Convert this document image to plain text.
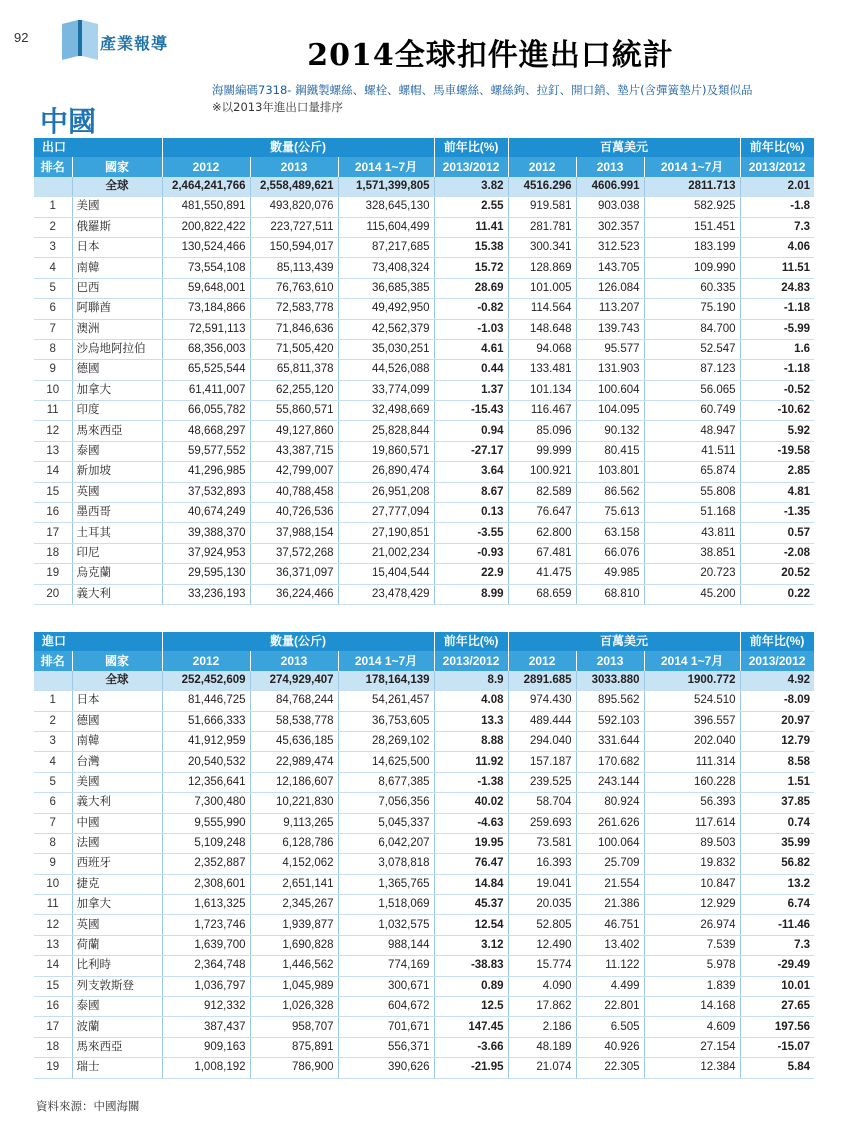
92	產業報導	2014全球扣件進出口統計
海關編碼7318- 鋼鐵製螺絲、螺栓、螺帽、馬車螺絲、螺絲鉤、拉釘、開口銷、墊片(含彈簧墊片)及類似品
※以2013年進出口量排序
中國
出口		數量(公斤)			前年比(%)	百萬美元			前年比(%)
排名	國家	2012	2013	2014 1~7月	2013/2012	2012	2013	2014 1~7月	2013/2012
	全球	2,464,241,766	2,558,489,621	1,571,399,805	3.82	4516.296	4606.991	2811.713	2.01
1	美國	481,550,891	493,820,076	328,645,130	2.55	919.581	903.038	582.925	-1.8
2	俄羅斯	200,822,422	223,727,511	115,604,499	11.41	281.781	302.357	151.451	7.3
3	日本	130,524,466	150,594,017	87,217,685	15.38	300.341	312.523	183.199	4.06
4	南韓	73,554,108	85,113,439	73,408,324	15.72	128.869	143.705	109.990	11.51
5	巴西	59,648,001	76,763,610	36,685,385	28.69	101.005	126.084	60.335	24.83
6	阿聯酋	73,184,866	72,583,778	49,492,950	-0.82	114.564	113.207	75.190	-1.18
7	澳洲	72,591,113	71,846,636	42,562,379	-1.03	148.648	139.743	84.700	-5.99
8	沙烏地阿拉伯	68,356,003	71,505,420	35,030,251	4.61	94.068	95.577	52.547	1.6
9	德國	65,525,544	65,811,378	44,526,088	0.44	133.481	131.903	87.123	-1.18
10	加拿大	61,411,007	62,255,120	33,774,099	1.37	101.134	100.604	56.065	-0.52
11	印度	66,055,782	55,860,571	32,498,669	-15.43	116.467	104.095	60.749	-10.62
12	馬來西亞	48,668,297	49,127,860	25,828,844	0.94	85.096	90.132	48.947	5.92
13	泰國	59,577,552	43,387,715	19,860,571	-27.17	99.999	80.415	41.511	-19.58
14	新加坡	41,296,985	42,799,007	26,890,474	3.64	100.921	103.801	65.874	2.85
15	英國	37,532,893	40,788,458	26,951,208	8.67	82.589	86.562	55.808	4.81
16	墨西哥	40,674,249	40,726,536	27,777,094	0.13	76.647	75.613	51.168	-1.35
17	土耳其	39,388,370	37,988,154	27,190,851	-3.55	62.800	63.158	43.811	0.57
18	印尼	37,924,953	37,572,268	21,002,234	-0.93	67.481	66.076	38.851	-2.08
19	烏克蘭	29,595,130	36,371,097	15,404,544	22.9	41.475	49.985	20.723	20.52
20	義大利	33,236,193	36,224,466	23,478,429	8.99	68.659	68.810	45.200	0.22
進口		數量(公斤)			前年比(%)	百萬美元			前年比(%)
排名	國家	2012	2013	2014 1~7月	2013/2012	2012	2013	2014 1~7月	2013/2012
	全球	252,452,609	274,929,407	178,164,139	8.9	2891.685	3033.880	1900.772	4.92
1	日本	81,446,725	84,768,244	54,261,457	4.08	974.430	895.562	524.510	-8.09
2	德國	51,666,333	58,538,778	36,753,605	13.3	489.444	592.103	396.557	20.97
3	南韓	41,912,959	45,636,185	28,269,102	8.88	294.040	331.644	202.040	12.79
4	台灣	20,540,532	22,989,474	14,625,500	11.92	157.187	170.682	111.314	8.58
5	美國	12,356,641	12,186,607	8,677,385	-1.38	239.525	243.144	160.228	1.51
6	義大利	7,300,480	10,221,830	7,056,356	40.02	58.704	80.924	56.393	37.85
7	中國	9,555,990	9,113,265	5,045,337	-4.63	259.693	261.626	117.614	0.74
8	法國	5,109,248	6,128,786	6,042,207	19.95	73.581	100.064	89.503	35.99
9	西班牙	2,352,887	4,152,062	3,078,818	76.47	16.393	25.709	19.832	56.82
10	捷克	2,308,601	2,651,141	1,365,765	14.84	19.041	21.554	10.847	13.2
11	加拿大	1,613,325	2,345,267	1,518,069	45.37	20.035	21.386	12.929	6.74
12	英國	1,723,746	1,939,877	1,032,575	12.54	52.805	46.751	26.974	-11.46
13	荷蘭	1,639,700	1,690,828	988,144	3.12	12.490	13.402	7.539	7.3
14	比利時	2,364,748	1,446,562	774,169	-38.83	15.774	11.122	5.978	-29.49
15	列支敦斯登	1,036,797	1,045,989	300,671	0.89	4.090	4.499	1.839	10.01
16	泰國	912,332	1,026,328	604,672	12.5	17.862	22.801	14.168	27.65
17	波蘭	387,437	958,707	701,671	147.45	2.186	6.505	4.609	197.56
18	馬來西亞	909,163	875,891	556,371	-3.66	48.189	40.926	27.154	-15.07
19	瑞士	1,008,192	786,900	390,626	-21.95	21.074	22.305	12.384	5.84
資料來源：中國海關
